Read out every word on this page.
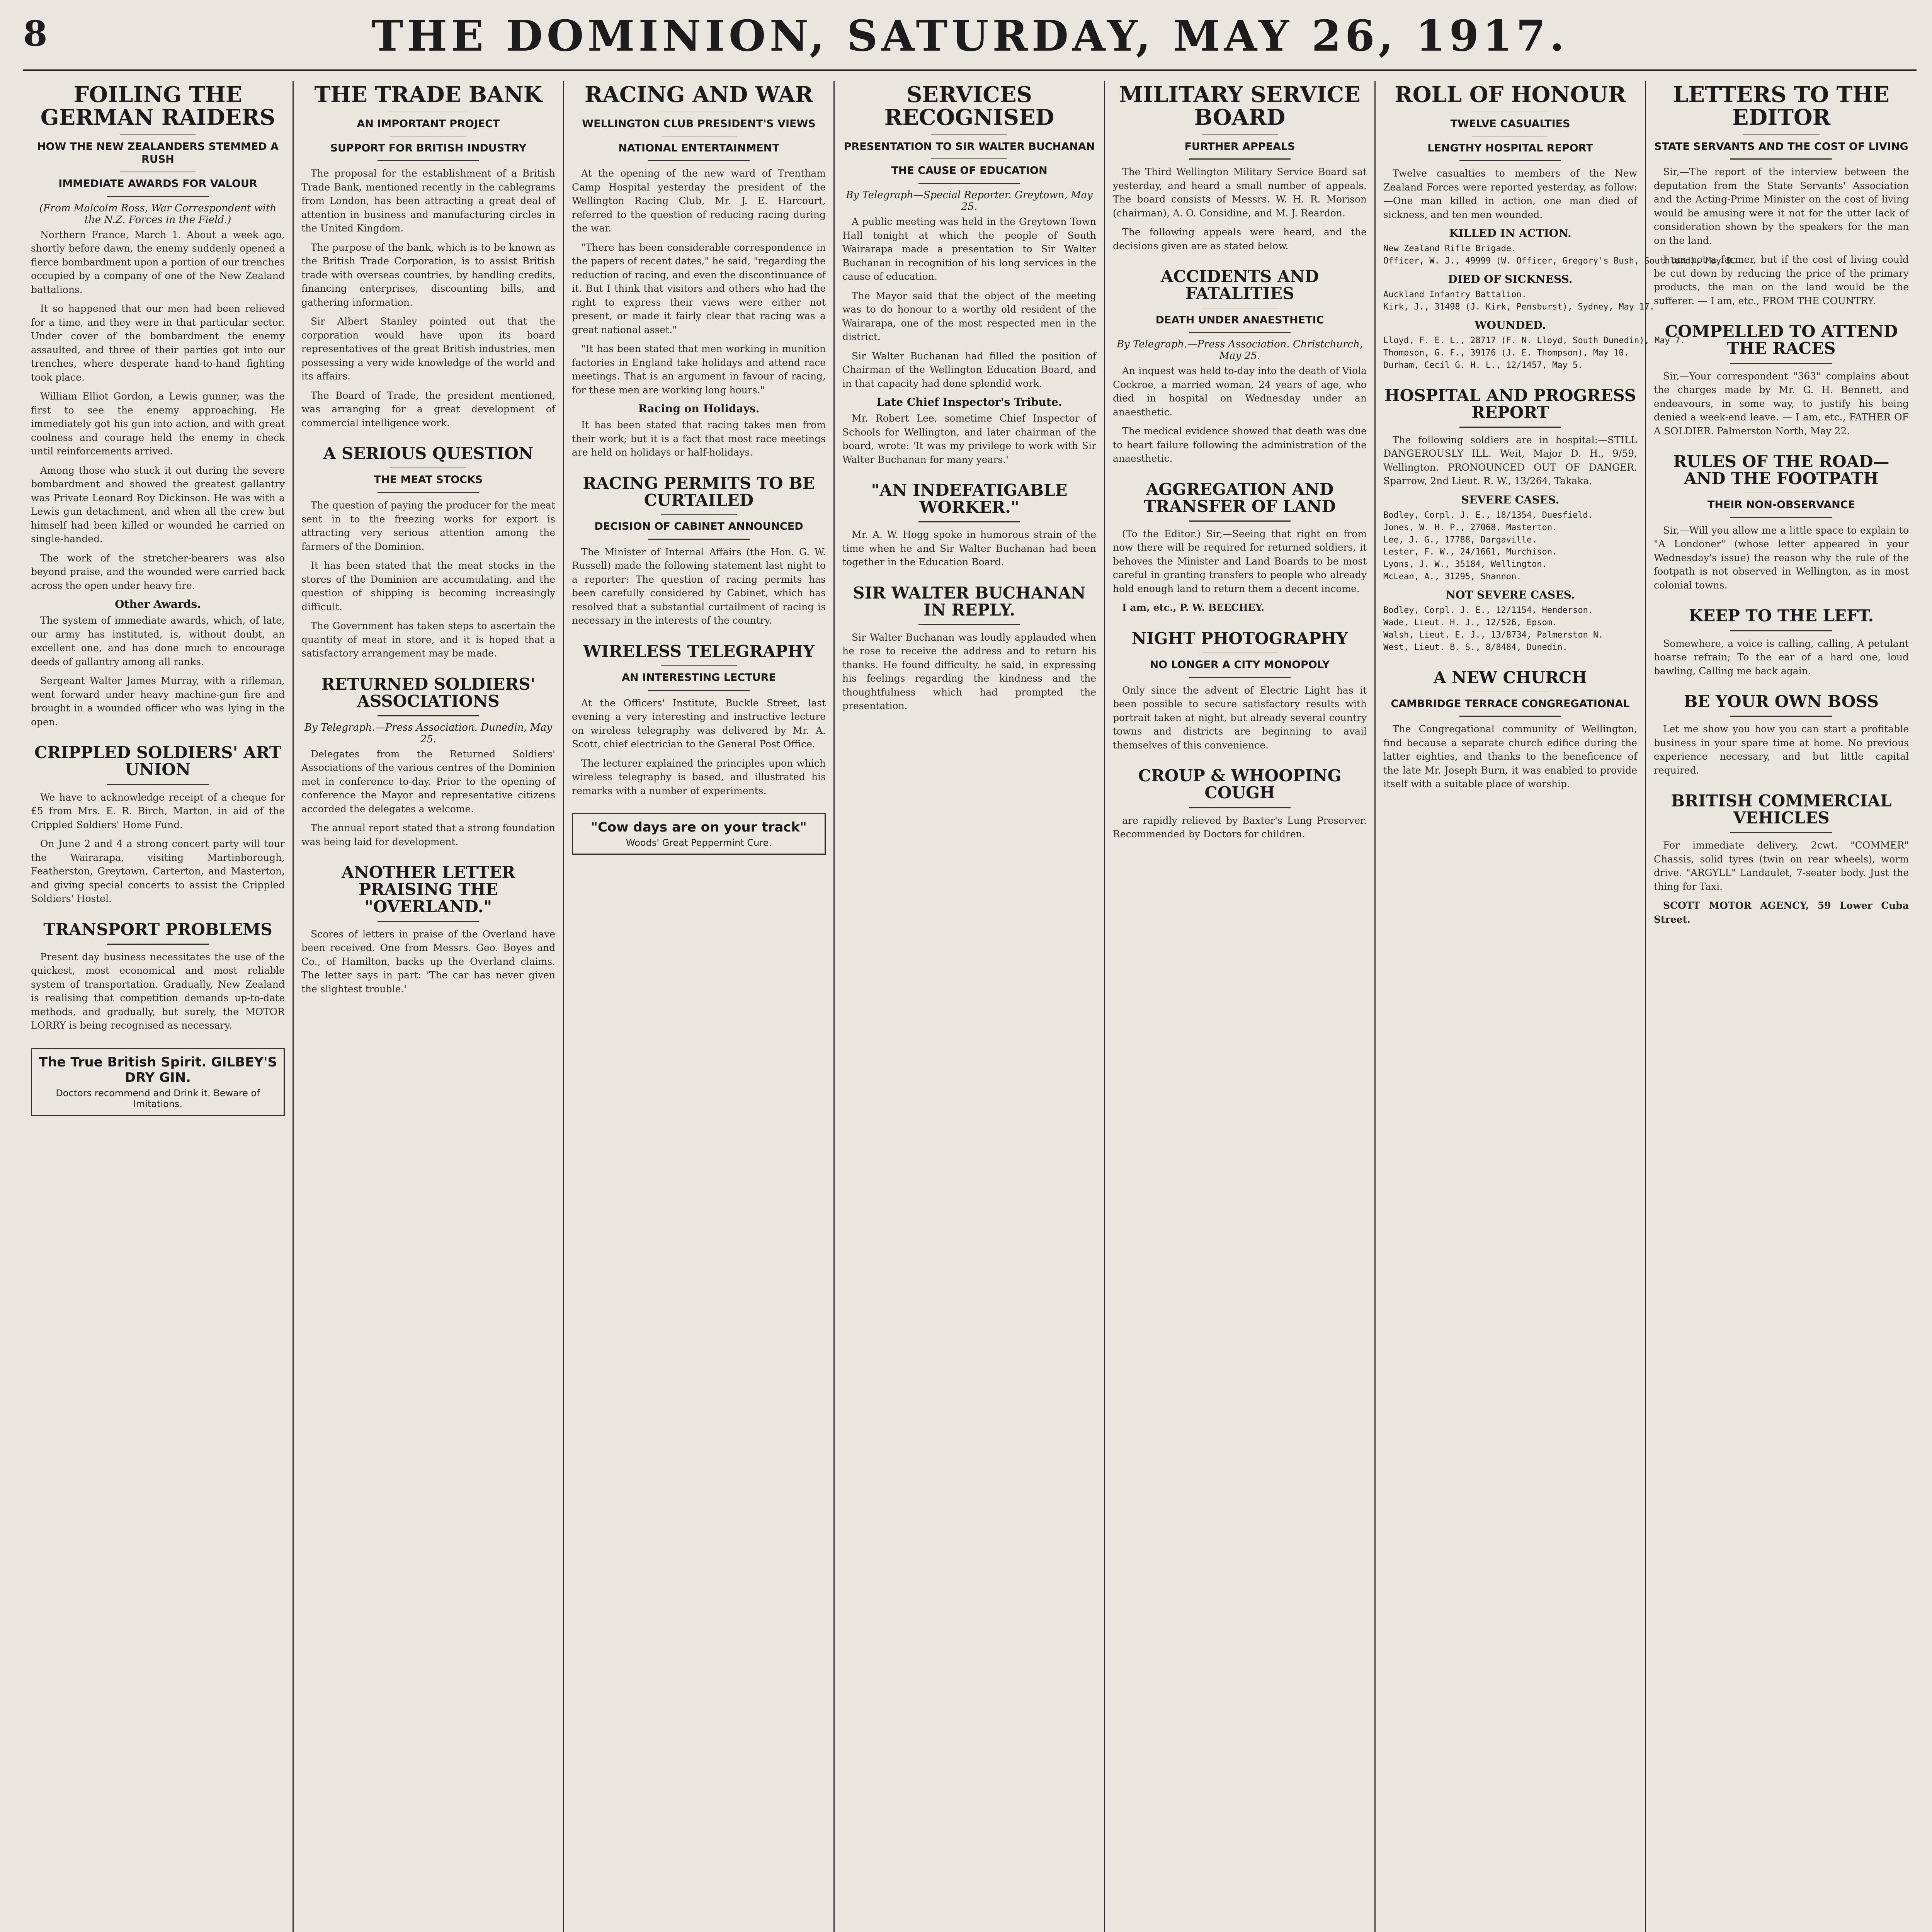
8	THE DOMINION, SATURDAY, MAY 26, 1917.
FOILING THE GERMAN RAIDERS
HOW THE NEW ZEALANDERS STEMMED A RUSH
IMMEDIATE AWARDS FOR VALOUR
(From Malcolm Ross, War Correspondent with the N.Z. Forces in the Field.)

Northern France, March 1. About a week ago, shortly before dawn, the enemy suddenly opened a fierce bombardment upon a portion of our trenches occupied by a company of one of the New Zealand battalions.

It so happened that our men had been relieved for a time, and they were in that particular sector. Under cover of the bombardment the enemy assaulted, and three of their parties got into our trenches, where desperate hand-to-hand fighting took place.

William Elliot Gordon, a Lewis gunner, was the first to see the enemy approaching. He immediately got his gun into action, and with great coolness and courage held the enemy in check until reinforcements arrived.

Among those who stuck it out during the severe bombardment and showed the greatest gallantry was Private Leonard Roy Dickinson. He was with a Lewis gun detachment, and when all the crew but himself had been killed or wounded he carried on single-handed.

The work of the stretcher-bearers was also beyond praise, and the wounded were carried back across the open under heavy fire.

Other Awards.

The system of immediate awards, which, of late, our army has instituted, is, without doubt, an excellent one, and has done much to encourage deeds of gallantry among all ranks.

Sergeant Walter James Murray, with a rifleman, went forward under heavy machine-gun fire and brought in a wounded officer who was lying in the open.

CRIPPLED SOLDIERS' ART UNION

We have to acknowledge receipt of a cheque for £5 from Mrs. E. R. Birch, Marton, in aid of the Crippled Soldiers' Home Fund.

On June 2 and 4 a strong concert party will tour the Wairarapa, visiting Martinborough, Featherston, Greytown, Carterton, and Masterton, and giving special concerts to assist the Crippled Soldiers' Hostel.

TRANSPORT PROBLEMS

Present day business necessitates the use of the quickest, most economical and most reliable system of transportation. Gradually, New Zealand is realising that competition demands up-to-date methods, and gradually, but surely, the MOTOR LORRY is being recognised as necessary.

The True British Spirit. GILBEY'S DRY GIN.
Doctors recommend and Drink it. Beware of Imitations.
THE TRADE BANK
AN IMPORTANT PROJECT
SUPPORT FOR BRITISH INDUSTRY

The proposal for the establishment of a British Trade Bank, mentioned recently in the cablegrams from London, has been attracting a great deal of attention in business and manufacturing circles in the United Kingdom.

The purpose of the bank, which is to be known as the British Trade Corporation, is to assist British trade with overseas countries, by handling credits, financing enterprises, discounting bills, and gathering information.

Sir Albert Stanley pointed out that the corporation would have upon its board representatives of the great British industries, men possessing a very wide knowledge of the world and its affairs.

The Board of Trade, the president mentioned, was arranging for a great development of commercial intelligence work.

A SERIOUS QUESTION
THE MEAT STOCKS

The question of paying the producer for the meat sent in to the freezing works for export is attracting very serious attention among the farmers of the Dominion.

It has been stated that the meat stocks in the stores of the Dominion are accumulating, and the question of shipping is becoming increasingly difficult.

The Government has taken steps to ascertain the quantity of meat in store, and it is hoped that a satisfactory arrangement may be made.

RETURNED SOLDIERS' ASSOCIATIONS
By Telegraph.—Press Association. Dunedin, May 25.

Delegates from the Returned Soldiers' Associations of the various centres of the Dominion met in conference to-day. Prior to the opening of conference the Mayor and representative citizens accorded the delegates a welcome.

The annual report stated that a strong foundation was being laid for development.

ANOTHER LETTER PRAISING THE "OVERLAND."

Scores of letters in praise of the Overland have been received. One from Messrs. Geo. Boyes and Co., of Hamilton, backs up the Overland claims. The letter says in part: 'The car has never given the slightest trouble.'

RACING AND WAR
WELLINGTON CLUB PRESIDENT'S VIEWS
NATIONAL ENTERTAINMENT

At the opening of the new ward of Trentham Camp Hospital yesterday the president of the Wellington Racing Club, Mr. J. E. Harcourt, referred to the question of reducing racing during the war.

"There has been considerable correspondence in the papers of recent dates," he said, "regarding the reduction of racing, and even the discontinuance of it. But I think that visitors and others who had the right to express their views were either not present, or made it fairly clear that racing was a great national asset."

"It has been stated that men working in munition factories in England take holidays and attend race meetings. That is an argument in favour of racing, for these men are working long hours."

Racing on Holidays.

It has been stated that racing takes men from their work; but it is a fact that most race meetings are held on holidays or half-holidays.

RACING PERMITS TO BE CURTAILED
DECISION OF CABINET ANNOUNCED

The Minister of Internal Affairs (the Hon. G. W. Russell) made the following statement last night to a reporter: The question of racing permits has been carefully considered by Cabinet, which has resolved that a substantial curtailment of racing is necessary in the interests of the country.

WIRELESS TELEGRAPHY
AN INTERESTING LECTURE

At the Officers' Institute, Buckle Street, last evening a very interesting and instructive lecture on wireless telegraphy was delivered by Mr. A. Scott, chief electrician to the General Post Office.

The lecturer explained the principles upon which wireless telegraphy is based, and illustrated his remarks with a number of experiments.

"Cow days are on your track"
Woods' Great Peppermint Cure.
SERVICES RECOGNISED
PRESENTATION TO SIR WALTER BUCHANAN
THE CAUSE OF EDUCATION
By Telegraph—Special Reporter. Greytown, May 25.

A public meeting was held in the Greytown Town Hall tonight at which the people of South Wairarapa made a presentation to Sir Walter Buchanan in recognition of his long services in the cause of education.

The Mayor said that the object of the meeting was to do honour to a worthy old resident of the Wairarapa, one of the most respected men in the district.

Sir Walter Buchanan had filled the position of Chairman of the Wellington Education Board, and in that capacity had done splendid work.

Late Chief Inspector's Tribute.

Mr. Robert Lee, sometime Chief Inspector of Schools for Wellington, and later chairman of the board, wrote: 'It was my privilege to work with Sir Walter Buchanan for many years.'

"AN INDEFATIGABLE WORKER."

Mr. A. W. Hogg spoke in humorous strain of the time when he and Sir Walter Buchanan had been together in the Education Board.

SIR WALTER BUCHANAN IN REPLY.

Sir Walter Buchanan was loudly applauded when he rose to receive the address and to return his thanks. He found difficulty, he said, in expressing his feelings regarding the kindness and the thoughtfulness which had prompted the presentation.

MILITARY SERVICE BOARD
FURTHER APPEALS

The Third Wellington Military Service Board sat yesterday, and heard a small number of appeals. The board consists of Messrs. W. H. R. Morison (chairman), A. O. Considine, and M. J. Reardon.

The following appeals were heard, and the decisions given are as stated below.

ACCIDENTS AND FATALITIES
DEATH UNDER ANAESTHETIC
By Telegraph.—Press Association. Christchurch, May 25.

An inquest was held to-day into the death of Viola Cockroe, a married woman, 24 years of age, who died in hospital on Wednesday under an anaesthetic.

The medical evidence showed that death was due to heart failure following the administration of the anaesthetic.

AGGREGATION AND TRANSFER OF LAND

(To the Editor.) Sir,—Seeing that right on from now there will be required for returned soldiers, it behoves the Minister and Land Boards to be most careful in granting transfers to people who already hold enough land to return them a decent income.

I am, etc., P. W. BEECHEY.

NIGHT PHOTOGRAPHY
NO LONGER A CITY MONOPOLY

Only since the advent of Electric Light has it been possible to secure satisfactory results with portrait taken at night, but already several country towns and districts are beginning to avail themselves of this convenience.

CROUP & WHOOPING COUGH

are rapidly relieved by Baxter's Lung Preserver. Recommended by Doctors for children.

ROLL OF HONOUR
TWELVE CASUALTIES
LENGTHY HOSPITAL REPORT

Twelve casualties to members of the New Zealand Forces were reported yesterday, as follow:—One man killed in action, one man died of sickness, and ten men wounded.

KILLED IN ACTION.
New Zealand Rifle Brigade.
Officer, W. J., 49999 (W. Officer, Gregory's Bush, Southland), May 9.
DIED OF SICKNESS.
Auckland Infantry Battalion.
Kirk, J., 31498 (J. Kirk, Pensburst), Sydney, May 17.
WOUNDED.
Lloyd, F. E. L., 28717 (F. N. Lloyd, South Dunedin), May 7.
Thompson, G. F., 39176 (J. E. Thompson), May 10.
Durham, Cecil G. H. L., 12/1457, May 5.
HOSPITAL AND PROGRESS REPORT

The following soldiers are in hospital:—STILL DANGEROUSLY ILL. Weit, Major D. H., 9/59, Wellington. PRONOUNCED OUT OF DANGER. Sparrow, 2nd Lieut. R. W., 13/264, Takaka.

SEVERE CASES.
Bodley, Corpl. J. E., 18/1354, Duesfield.
Jones, W. H. P., 27068, Masterton.
Lee, J. G., 17788, Dargaville.
Lester, F. W., 24/1661, Murchison.
Lyons, J. W., 35184, Wellington.
McLean, A., 31295, Shannon.
NOT SEVERE CASES.
Bodley, Corpl. J. E., 12/1154, Henderson.
Wade, Lieut. H. J., 12/526, Epsom.
Walsh, Lieut. E. J., 13/8734, Palmerston N.
West, Lieut. B. S., 8/8484, Dunedin.
A NEW CHURCH
CAMBRIDGE TERRACE CONGREGATIONAL

The Congregational community of Wellington, find because a separate church edifice during the latter eighties, and thanks to the beneficence of the late Mr. Joseph Burn, it was enabled to provide itself with a suitable place of worship.

LETTERS TO THE EDITOR
STATE SERVANTS AND THE COST OF LIVING

Sir,—The report of the interview between the deputation from the State Servants' Association and the Acting-Prime Minister on the cost of living would be amusing were it not for the utter lack of consideration shown by the speakers for the man on the land.

I am not a farmer, but if the cost of living could be cut down by reducing the price of the primary products, the man on the land would be the sufferer. — I am, etc., FROM THE COUNTRY.

COMPELLED TO ATTEND THE RACES

Sir,—Your correspondent "363" complains about the charges made by Mr. G. H. Bennett, and endeavours, in some way, to justify his being denied a week-end leave. — I am, etc., FATHER OF A SOLDIER. Palmerston North, May 22.

RULES OF THE ROAD—AND THE FOOTPATH
THEIR NON-OBSERVANCE

Sir,—Will you allow me a little space to explain to "A Londoner" (whose letter appeared in your Wednesday's issue) the reason why the rule of the footpath is not observed in Wellington, as in most colonial towns.

KEEP TO THE LEFT.

Somewhere, a voice is calling, calling, A petulant hoarse refrain; To the ear of a hard one, loud bawling, Calling me back again.

BE YOUR OWN BOSS

Let me show you how you can start a profitable business in your spare time at home. No previous experience necessary, and but little capital required.

BRITISH COMMERCIAL VEHICLES

For immediate delivery, 2cwt. "COMMER" Chassis, solid tyres (twin on rear wheels), worm drive. "ARGYLL" Landaulet, 7-seater body. Just the thing for Taxi.

SCOTT MOTOR AGENCY, 59 Lower Cuba Street.
